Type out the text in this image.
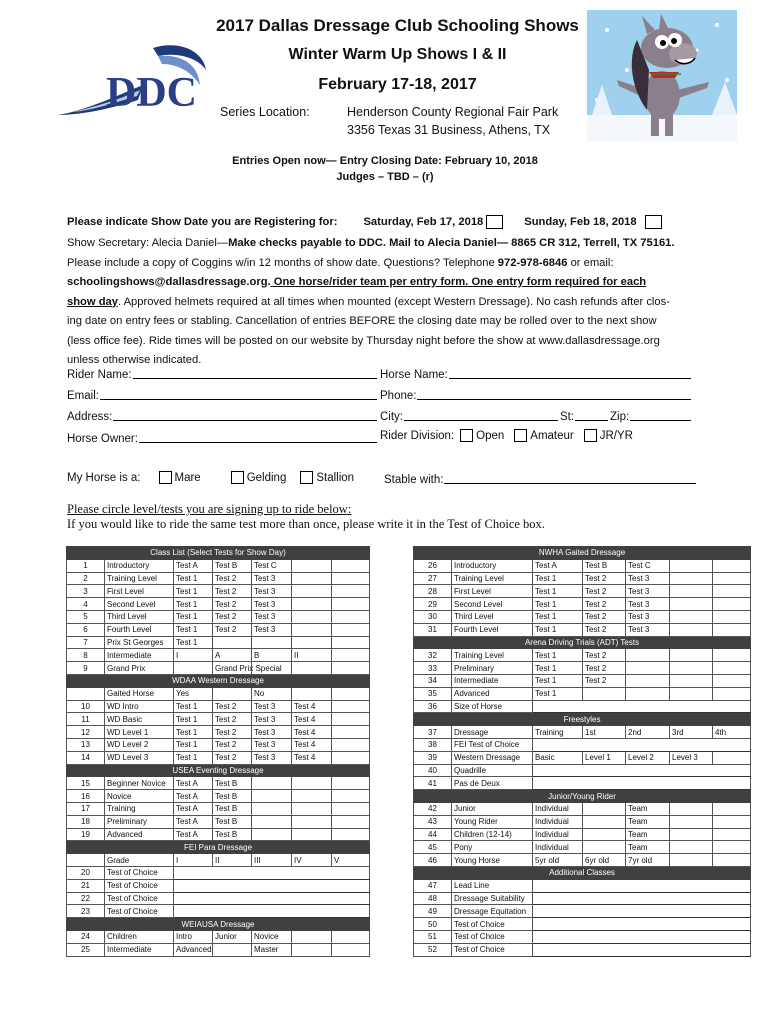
DDC
2017 Dallas Dressage Club Schooling Shows
Winter Warm Up Shows I & II
February 17-18, 2017
Series Location:	Henderson County Regional Fair Park
3356 Texas 31 Business, Athens, TX
Entries Open now— Entry Closing Date: February 10, 2018
Judges – TBD – (r)
Please indicate Show Date you are Registering for: Saturday, Feb 17, 2018	Sunday, Feb 18, 2018
Show Secretary: Alecia Daniel—Make checks payable to DDC. Mail to Alecia Daniel— 8865 CR 312, Terrell, TX 75161.
Please include a copy of Coggins w/in 12 months of show date. Questions? Telephone 972-978-6846 or email:
schoolingshows@dallasdressage.org. One horse/rider team per entry form. One entry form required for each
show day. Approved helmets required at all times when mounted (except Western Dressage). No cash refunds after clos-
ing date on entry fees or stabling. Cancellation of entries BEFORE the closing date may be rolled over to the next show
(less office fee). Ride times will be posted on our website by Thursday night before the show at www.dallasdressage.org
unless otherwise indicated.
Rider Name:	Horse Name:
Email:	Phone:
Address:	City:	St:	Zip:
Horse Owner:	Rider Division: Open Amateur JR/YR
My Horse is a:	Mare	Gelding	Stallion	Stable with:
Please circle level/tests you are signing up to ride below:
If you would like to ride the same test more than once, please write it in the Test of Choice box.
Class List (Select Tests for Show Day)						
1	Introductory	Test A	Test B	Test C		
2	Training Level	Test 1	Test 2	Test 3		
3	First Level	Test 1	Test 2	Test 3		
4	Second Level	Test 1	Test 2	Test 3		
5	Third Level	Test 1	Test 2	Test 3		
6	Fourth Level	Test 1	Test 2	Test 3		
7	Prix St Georges	Test 1				
8	Intermediate	I	A	B	II	
9	Grand Prix		Grand Prix Special			
WDAA Western Dressage						
	Gaited Horse	Yes		No		
10	WD Intro	Test 1	Test 2	Test 3	Test 4	
11	WD Basic	Test 1	Test 2	Test 3	Test 4	
12	WD Level 1	Test 1	Test 2	Test 3	Test 4	
13	WD Level 2	Test 1	Test 2	Test 3	Test 4	
14	WD Level 3	Test 1	Test 2	Test 3	Test 4	
USEA Eventing Dressage						
15	Beginner Novice	Test A	Test B			
16	Novice	Test A	Test B			
17	Training	Test A	Test B			
18	Preliminary	Test A	Test B			
19	Advanced	Test A	Test B			
FEI Para Dressage						
	Grade	I	II	III	IV	V
20	Test of Choice					
21	Test of Choice					
22	Test of Choice					
23	Test of Choice					
WEIAUSA Dressage						
24	Children	Intro	Junior	Novice		
25	Intermediate	Advanced		Master		
NWHA Gaited Dressage						
26	Introductory	Test A	Test B	Test C		
27	Training Level	Test 1	Test 2	Test 3		
28	First Level	Test 1	Test 2	Test 3		
29	Second Level	Test 1	Test 2	Test 3		
30	Third Level	Test 1	Test 2	Test 3		
31	Fourth Level	Test 1	Test 2	Test 3		
Arena Driving Trials (ADT) Tests						
32	Training Level	Test 1	Test 2			
33	Preliminary	Test 1	Test 2			
34	Intermediate	Test 1	Test 2			
35	Advanced	Test 1				
36	Size of Horse					
Freestyles						
37	Dressage	Training	1st	2nd	3rd	4th
38	FEI Test of Choice					
39	Western Dressage	Basic	Level 1	Level 2	Level 3	
40	Quadrille					
41	Pas de Deux					
Junior/Young Rider						
42	Junior	Individual		Team		
43	Young Rider	Individual		Team		
44	Children (12-14)	Individual		Team		
45	Pony	Individual		Team		
46	Young Horse	5yr old	6yr old	7yr old		
Additional Classes						
47	Lead Line					
48	Dressage Suitability					
49	Dressage Equitation					
50	Test of Choice					
51	Test of Choice					
52	Test of Choice					
